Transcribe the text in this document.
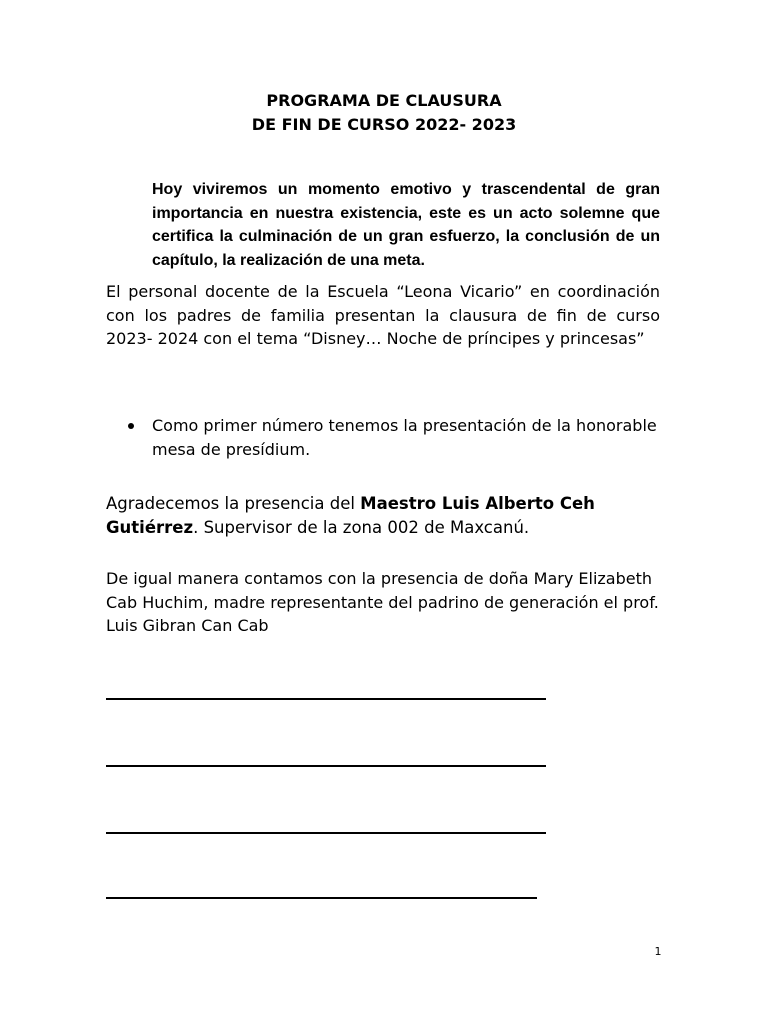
PROGRAMA DE CLAUSURA
DE FIN DE CURSO 2022- 2023

Hoy viviremos un momento emotivo y trascendental de gran importancia en nuestra existencia, este es un acto solemne que certifica la culminación de un gran esfuerzo, la conclusión de un capítulo, la realización de una meta.

El personal docente de la Escuela “Leona Vicario” en coordinación con los padres de familia presentan la clausura de fin de curso 2023- 2024 con el tema “Disney… Noche de príncipes y princesas”

Como primer número tenemos la presentación de la honorable mesa de presídium.

Agradecemos la presencia del Maestro Luis Alberto Ceh Gutiérrez. Supervisor de la zona 002 de Maxcanú.

De igual manera contamos con la presencia de doña Mary Elizabeth Cab Huchim, madre representante del padrino de generación el prof. Luis Gibran Can Cab

1
